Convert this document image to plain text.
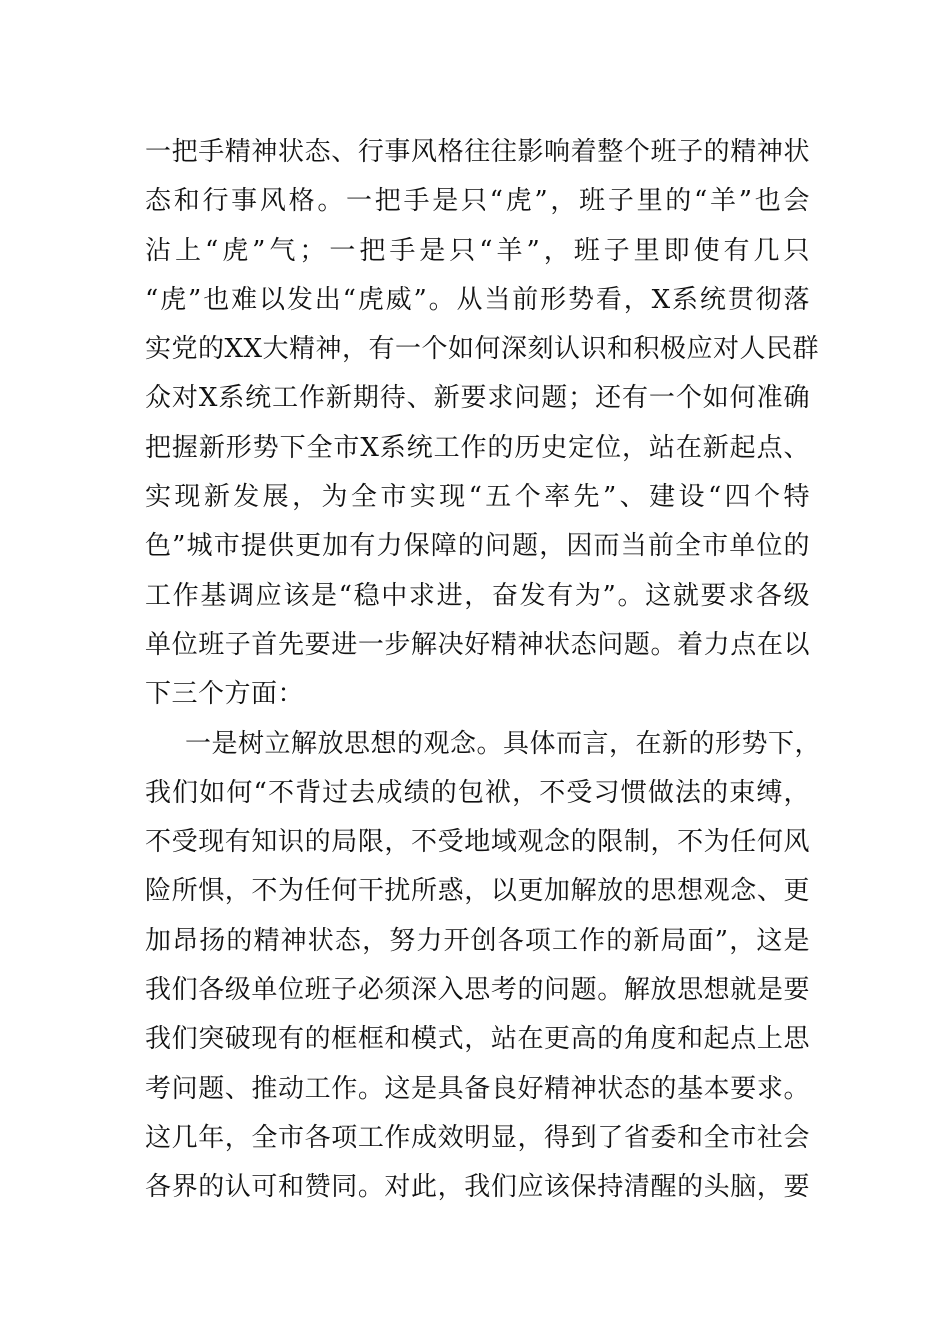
一把手精神状态、行事风格往往影响着整个班子的精神状
态和行事风格。一把手是只“虎”，班子里的“羊”也会
沾上“虎”气；一把手是只“羊”，班子里即使有几只
“虎”也难以发出“虎威”。从当前形势看，X系统贯彻落
实党的XX大精神，有一个如何深刻认识和积极应对人民群
众对X系统工作新期待、新要求问题；还有一个如何准确
把握新形势下全市X系统工作的历史定位，站在新起点、
实现新发展，为全市实现“五个率先”、建设“四个特
色”城市提供更加有力保障的问题，因而当前全市单位的
工作基调应该是“稳中求进，奋发有为”。这就要求各级
单位班子首先要进一步解决好精神状态问题。着力点在以
下三个方面：
一是树立解放思想的观念。具体而言，在新的形势下，
我们如何“不背过去成绩的包袱，不受习惯做法的束缚，
不受现有知识的局限，不受地域观念的限制，不为任何风
险所惧，不为任何干扰所惑，以更加解放的思想观念、更
加昂扬的精神状态，努力开创各项工作的新局面”，这是
我们各级单位班子必须深入思考的问题。解放思想就是要
我们突破现有的框框和模式，站在更高的角度和起点上思
考问题、推动工作。这是具备良好精神状态的基本要求。
这几年，全市各项工作成效明显，得到了省委和全市社会
各界的认可和赞同。对此，我们应该保持清醒的头脑，要
